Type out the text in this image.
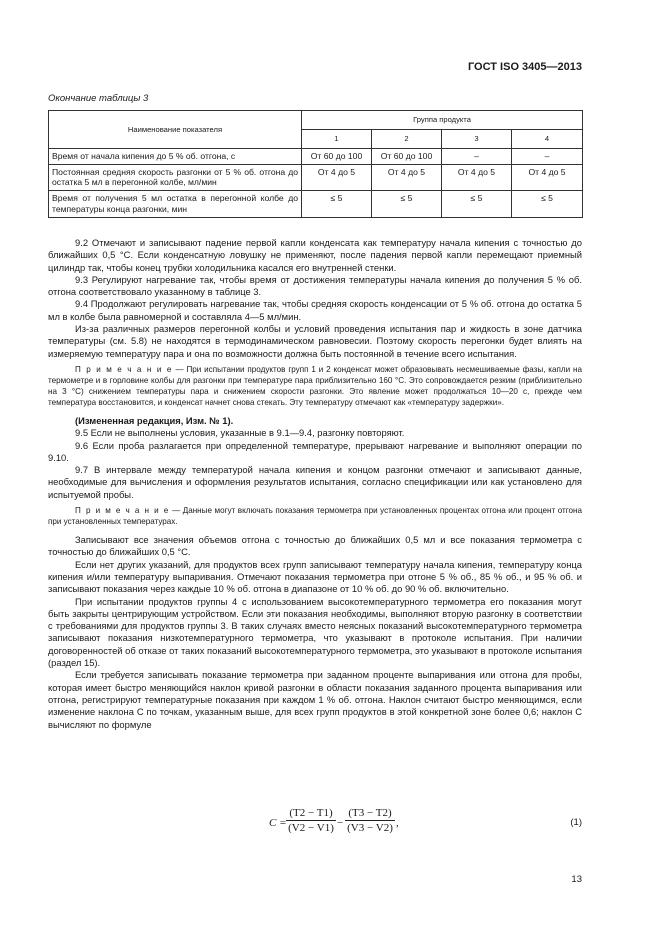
ГОСТ ISO 3405—2013
Окончание таблицы 3
Наименование показателя	Группа продукта			
	1	2	3	4
Время от начала кипения до 5 % об. отгона, с	От 60 до 100	От 60 до 100	–	–
Постоянная средняя скорость разгонки от 5 % об. отгона до остатка 5 мл в перегонной колбе, мл/мин	От 4 до 5	От 4 до 5	От 4 до 5	От 4 до 5
Время от получения 5 мл остатка в перегонной колбе до температуры конца разгонки, мин	≤ 5	≤ 5	≤ 5	≤ 5

9.2 Отмечают и записывают падение первой капли конденсата как температуру начала кипения с точностью до ближайших 0,5 °С. Если конденсатную ловушку не применяют, после падения первой капли перемещают приемный цилиндр так, чтобы конец трубки холодильника касался его внутренней стенки.

9.3 Регулируют нагревание так, чтобы время от достижения температуры начала кипения до получения 5 % об. отгона соответствовало указанному в таблице 3.

9.4 Продолжают регулировать нагревание так, чтобы средняя скорость конденсации от 5 % об. отгона до остатка 5 мл в колбе была равномерной и составляла 4—5 мл/мин.

Из-за различных размеров перегонной колбы и условий проведения испытания пар и жидкость в зоне датчика температуры (см. 5.8) не находятся в термодинамическом равновесии. Поэтому скорость перегонки будет влиять на измеряемую температуру пара и она по возможности должна быть постоянной в течение всего испытания.

П р и м е ч а н и е — При испытании продуктов групп 1 и 2 конденсат может образовывать несмешиваемые фазы, капли на термометре и в горловине колбы для разгонки при температуре пара приблизительно 160 °С. Это сопровождается резким (приблизительно на 3 °С) снижением температуры пара и снижением скорости разгонки. Это явление может продолжаться 10—20 с, прежде чем температура восстановится, и конденсат начнет снова стекать. Эту температуру отмечают как «температуру задержки».

(Измененная редакция, Изм. № 1).

9.5 Если не выполнены условия, указанные в 9.1—9.4, разгонку повторяют.

9.6 Если проба разлагается при определенной температуре, прерывают нагревание и выполняют операции по 9.10.

9.7 В интервале между температурой начала кипения и концом разгонки отмечают и записывают данные, необходимые для вычисления и оформления результатов испытания, согласно спецификации или как установлено для испытуемой пробы.

П р и м е ч а н и е — Данные могут включать показания термометра при установленных процентах отгона или процент отгона при установленных температурах.

Записывают все значения объемов отгона с точностью до ближайших 0,5 мл и все показания термометра с точностью до ближайших 0,5 °С.

Если нет других указаний, для продуктов всех групп записывают температуру начала кипения, температуру конца кипения и/или температуру выпаривания. Отмечают показания термометра при отгоне 5 % об., 85 % об., и 95 % об. и записывают показания через каждые 10 % об. отгона в диапазоне от 10 % об. до 90 % об. включительно.

При испытании продуктов группы 4 с использованием высокотемпературного термометра его показания могут быть закрыты центрирующим устройством. Если эти показания необходимы, выполняют вторую разгонку в соответствии с требованиями для продуктов группы 3. В таких случаях вместо неясных показаний высокотемпературного термометра записывают показания низкотемпературного термометра, что указывают в протоколе испытания. При наличии договоренностей об отказе от таких показаний высокотемпературного термометра, это указывают в протоколе испытания (раздел 15).

Если требуется записывать показание термометра при заданном проценте выпаривания или отгона для пробы, которая имеет быстро меняющийся наклон кривой разгонки в области показания заданного процента выпаривания или отгона, регистрируют температурные показания при каждом 1 % об. отгона. Наклон считают быстро меняющимся, если изменение наклона С по точкам, указанным выше, для всех групп продуктов в этой конкретной зоне более 0,6; наклон С вычисляют по формуле

$C = \frac{(T2 - T1)}{(V2 - V1)} - \frac{(T3 - T2)}{(V3 - V2)}$ ,	(1)
13
